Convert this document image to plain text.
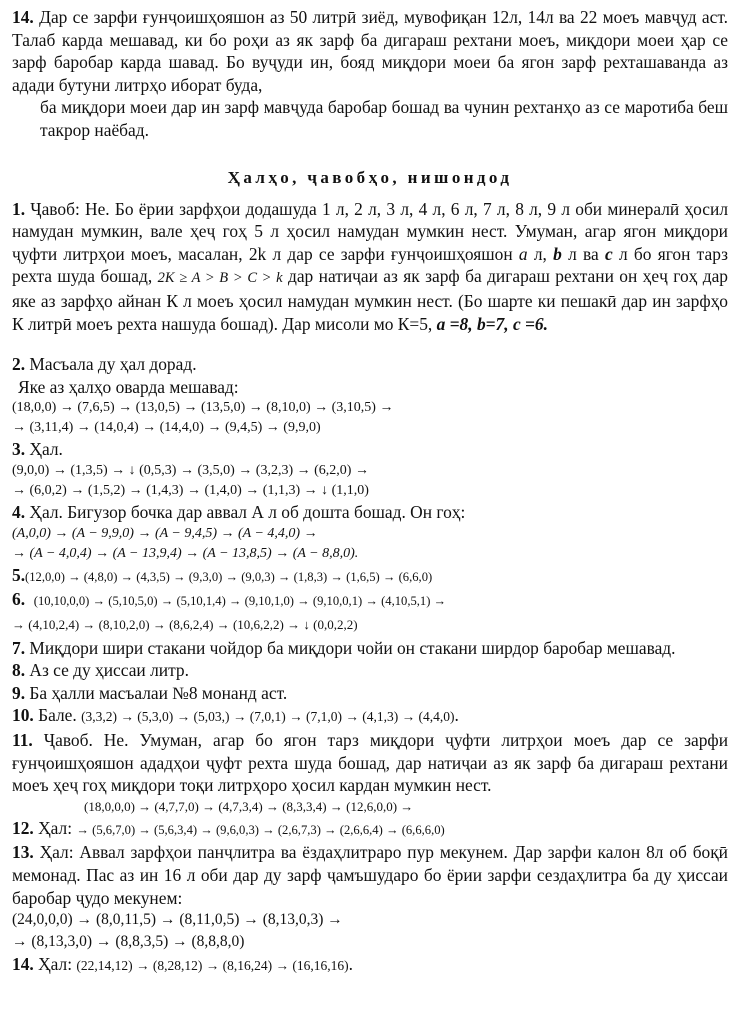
14. Дар се зарфи ғунҷоишҳояшон аз 50 литрӣ зиёд, мувофиқан 12л, 14л ва 22 моеъ мавҷуд аст. Талаб карда мешавад, ки бо роҳи аз як зарф ба дигараш рехтани моеъ, миқдори моеи ҳар се зарф баробар карда шавад. Бо вуҷуди ин, бояд миқдори моеи ба ягон зарф рехташаванда аз адади бутуни литрҳо иборат буда,

ба миқдори моеи дар ин зарф мавҷуда баробар бошад ва чунин рехтанҳо аз се маротиба беш такрор наёбад.

Ҳалҳо, ҷавобҳо, нишондод

1. Ҷавоб: Не. Бо ёрии зарфҳои додашуда 1 л, 2 л, 3 л, 4 л, 6 л, 7 л, 8 л, 9 л оби минералӣ ҳосил намудан мумкин, вале ҳеҷ гоҳ 5 л ҳосил намудан мумкин нест. Умуман, агар ягон миқдори ҷуфти литрҳои моеъ, масалан, 2k л дар се зарфи ғунҷоишҳояшон a л, b л ва c л бо ягон тарз рехта шуда бошад, 2K ≥ A > B > C > k дар натиҷаи аз як зарф ба дигараш рехтани он ҳеҷ гоҳ дар яке аз зарфҳо айнан К л моеъ ҳосил намудан мумкин нест. (Бо шарте ки пешакӣ дар ин зарфҳо К литрӣ моеъ рехта нашуда бошад). Дар мисоли мо К=5, a =8, b=7, c =6.

2. Масъала ду ҳал дорад.

Яке аз ҳалҳо оварда мешавад:

(18,0,0) → (7,6,5) → (13,0,5) → (13,5,0) → (8,10,0) → (3,10,5) →

→ (3,11,4) → (14,0,4) → (14,4,0) → (9,4,5) → (9,9,0)

3. Ҳал.

(9,0,0) → (1,3,5) → ↓ (0,5,3) → (3,5,0) → (3,2,3) → (6,2,0) →

→ (6,0,2) → (1,5,2) → (1,4,3) → (1,4,0) → (1,1,3) → ↓ (1,1,0)

4. Ҳал. Бигузор бочка дар аввал А л об дошта бошад. Он гоҳ:

(A,0,0) → (A − 9,9,0) → (A − 9,4,5) → (A − 4,4,0) →

→ (A − 4,0,4) → (A − 13,9,4) → (A − 13,8,5) → (A − 8,8,0).

5.(12,0,0) → (4,8,0) → (4,3,5) → (9,3,0) → (9,0,3) → (1,8,3) → (1,6,5) → (6,6,0)

6. (10,10,0,0) → (5,10,5,0) → (5,10,1,4) → (9,10,1,0) → (9,10,0,1) → (4,10,5,1) →

→ (4,10,2,4) → (8,10,2,0) → (8,6,2,4) → (10,6,2,2) → ↓ (0,0,2,2)

7. Миқдори шири стакани чойдор ба миқдори чойи он стакани ширдор баробар мешавад.

8. Аз се ду ҳиссаи литр.

9. Ба ҳалли масъалаи №8 монанд аст.

10. Бале. (3,3,2) → (5,3,0) → (5,03,) → (7,0,1) → (7,1,0) → (4,1,3) → (4,4,0).

11. Ҷавоб. Не. Умуман, агар бо ягон тарз миқдори ҷуфти литрҳои моеъ дар се зарфи ғунҷоишҳояшон ададҳои ҷуфт рехта шуда бошад, дар натиҷаи аз як зарф ба дигараш рехтани моеъ ҳеҷ гоҳ миқдори тоқи литрҳоро ҳосил кардан мумкин нест.

(18,0,0,0) → (4,7,7,0) → (4,7,3,4) → (8,3,3,4) → (12,6,0,0) →

12. Ҳал: → (5,6,7,0) → (5,6,3,4) → (9,6,0,3) → (2,6,7,3) → (2,6,6,4) → (6,6,6,0)

13. Ҳал: Аввал зарфҳои панҷлитра ва ёздаҳлитраро пур мекунем. Дар зарфи калон 8л об боқӣ мемонад. Пас аз ин 16 л оби дар ду зарф ҷамъшударо бо ёрии зарфи сездаҳлитра ба ду ҳиссаи баробар ҷудо мекунем:

(24,0,0,0) → (8,0,11,5) → (8,11,0,5) → (8,13,0,3) →

→ (8,13,3,0) → (8,8,3,5) → (8,8,8,0)

14. Ҳал: (22,14,12) → (8,28,12) → (8,16,24) → (16,16,16).
